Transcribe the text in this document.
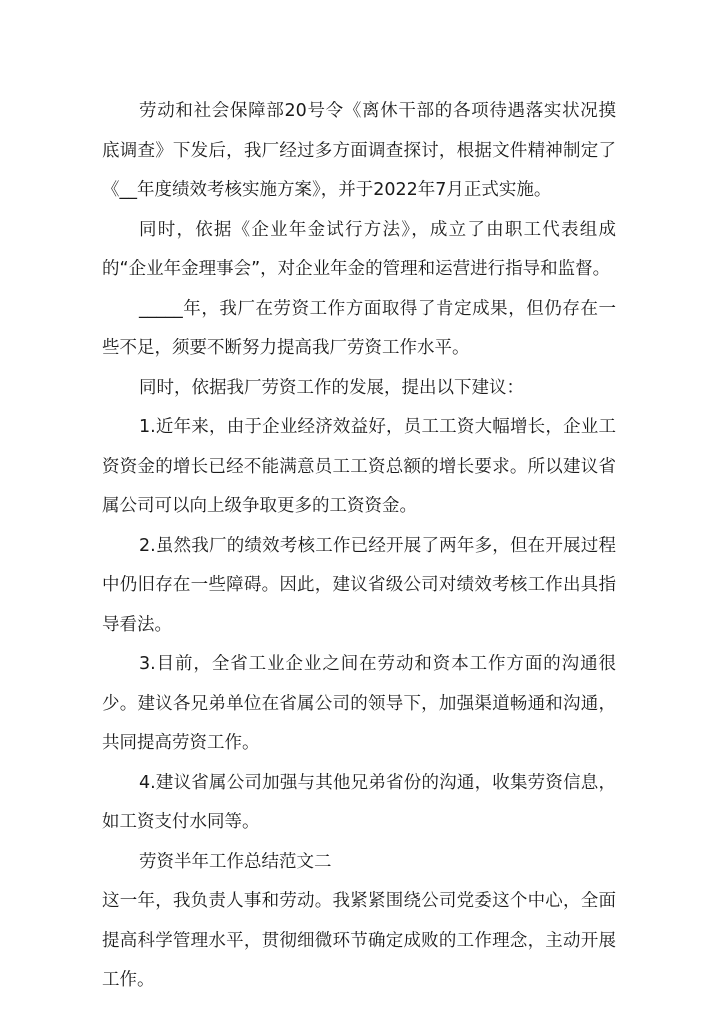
劳动和社会保障部20号令《离休干部的各项待遇落实状况摸底调查》下发后，我厂经过多方面调查探讨，根据文件精神制定了《__年度绩效考核实施方案》，并于2022年7月正式实施。

同时，依据《企业年金试行方法》，成立了由职工代表组成的“企业年金理事会”，对企业年金的管理和运营进行指导和监督。

_____年，我厂在劳资工作方面取得了肯定成果，但仍存在一些不足，须要不断努力提高我厂劳资工作水平。

同时，依据我厂劳资工作的发展，提出以下建议：

1.近年来，由于企业经济效益好，员工工资大幅增长，企业工资资金的增长已经不能满意员工工资总额的增长要求。所以建议省属公司可以向上级争取更多的工资资金。

2.虽然我厂的绩效考核工作已经开展了两年多，但在开展过程中仍旧存在一些障碍。因此，建议省级公司对绩效考核工作出具指导看法。

3.目前，全省工业企业之间在劳动和资本工作方面的沟通很少。建议各兄弟单位在省属公司的领导下，加强渠道畅通和沟通，共同提高劳资工作。

4.建议省属公司加强与其他兄弟省份的沟通，收集劳资信息，如工资支付水同等。

劳资半年工作总结范文二

这一年，我负责人事和劳动。我紧紧围绕公司党委这个中心，全面提高科学管理水平，贯彻细微环节确定成败的工作理念，主动开展工作。
